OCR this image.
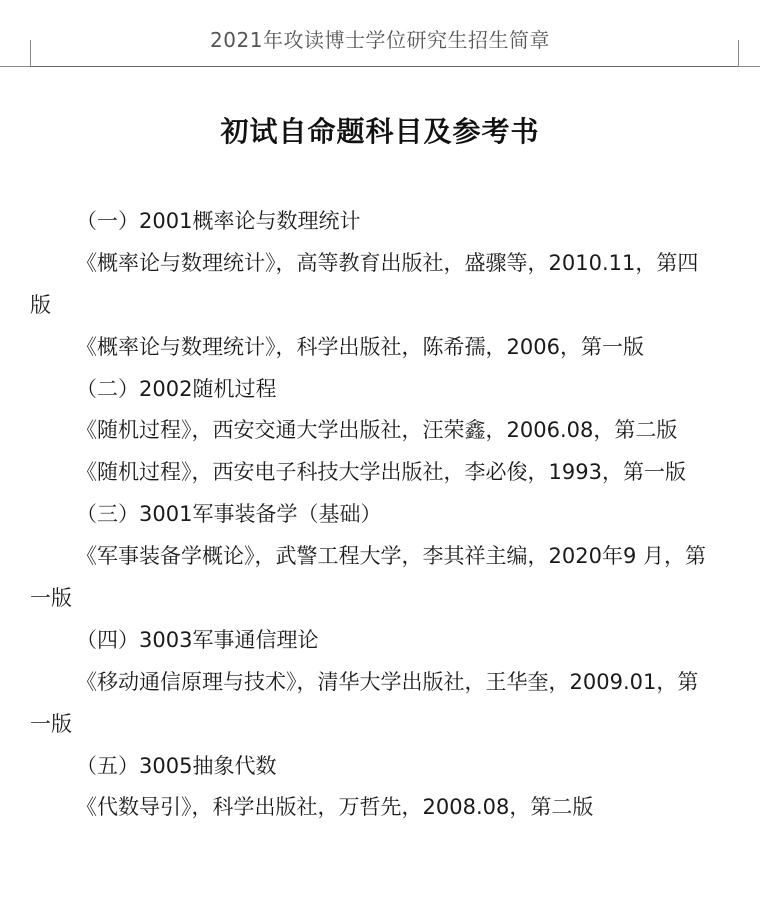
2021年攻读博士学位研究生招生简章
初试自命题科目及参考书
（一）2001概率论与数理统计
《概率论与数理统计》，高等教育出版社，盛骤等，2010.11，第四
版
《概率论与数理统计》，科学出版社，陈希孺，2006，第一版
（二）2002随机过程
《随机过程》，西安交通大学出版社，汪荣鑫，2006.08，第二版
《随机过程》，西安电子科技大学出版社，李必俊，1993，第一版
（三）3001军事装备学（基础）
《军事装备学概论》，武警工程大学，李其祥主编，2020年9 月，第
一版
（四）3003军事通信理论
《移动通信原理与技术》，清华大学出版社，王华奎，2009.01，第
一版
（五）3005抽象代数
《代数导引》，科学出版社，万哲先，2008.08，第二版
